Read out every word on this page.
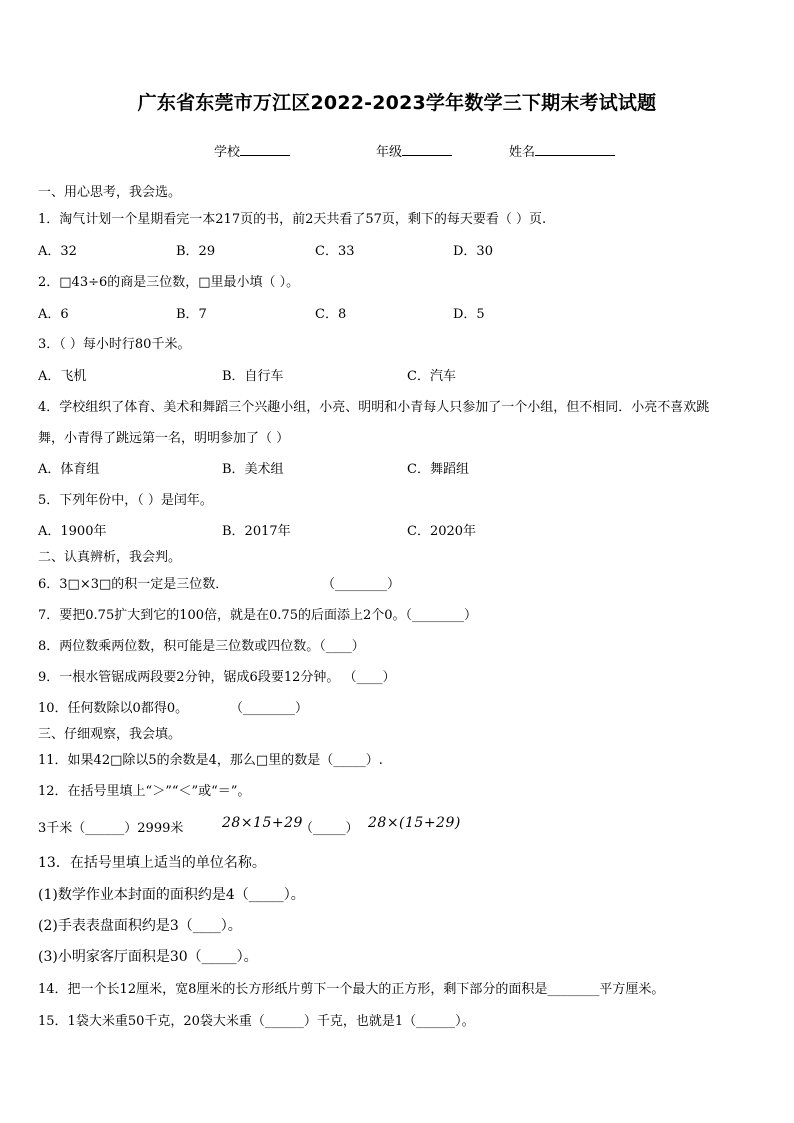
广东省东莞市万江区2022-2023学年数学三下期末考试试题
学校	年级	姓名
一、用心思考，我会选。
1．淘气计划一个星期看完一本217页的书，前2天共看了57页，剩下的每天要看（ ）页.
A．32	B．29	C．33	D．30
2．□43÷6的商是三位数，□里最小填（ ）。
A．6	B．7	C．8	D．5
3．（ ）每小时行80千米。
A．飞机	B．自行车	C．汽车
4．学校组织了体育、美术和舞蹈三个兴趣小组，小亮、明明和小青每人只参加了一个小组，但不相同．小亮不喜欢跳
舞，小青得了跳远第一名，明明参加了（ ）
A．体育组	B．美术组	C．舞蹈组
5．下列年份中，（ ）是闰年。
A．1900年	B．2017年	C．2020年
二、认真辨析，我会判。
6．3□×3□的积一定是三位数．	（________）
7．要把0.75扩大到它的100倍，就是在0.75的后面添上2个0。（________）
8．两位数乘两位数，积可能是三位数或四位数。（____）
9．一根水管锯成两段要2分钟，锯成6段要12分钟。 （____）
10．任何数除以0都得0。	（________）
三、仔细观察，我会填。
11．如果42□除以5的余数是4，那么□里的数是（_____）.
12．在括号里填上“＞”“＜”或“＝”。
3千米（______）2999米	28×15+29
（_____） 28×(15+29)
13．在括号里填上适当的单位名称。
(1)数学作业本封面的面积约是4（_____）。
(2)手表表盘面积约是3（____）。
(3)小明家客厅面积是30（_____）。
14．把一个长12厘米，宽8厘米的长方形纸片剪下一个最大的正方形，剩下部分的面积是________平方厘米。
15．1袋大米重50千克，20袋大米重（______）千克，也就是1（______）。
